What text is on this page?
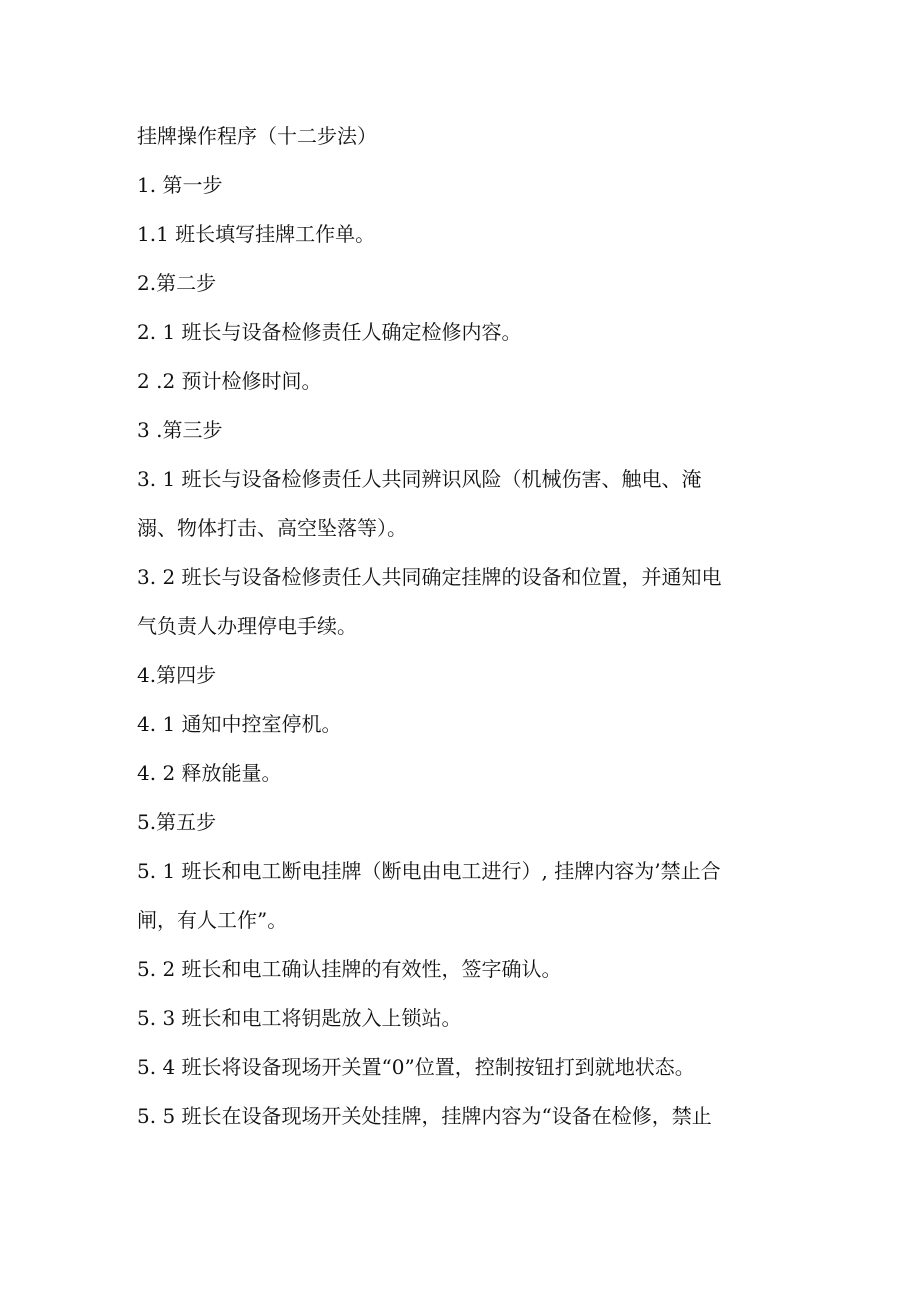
挂牌操作程序（十二步法）
1. 第一步
1.1 班长填写挂牌工作单。
2.第二步
2. 1 班长与设备检修责任人确定检修内容。
2 .2 预计检修时间。
3 .第三步
3. 1 班长与设备检修责任人共同辨识风险（机械伤害、触电、淹
溺、物体打击、高空坠落等）。
3. 2 班长与设备检修责任人共同确定挂牌的设备和位置，并通知电
气负责人办理停电手续。
4.第四步
4. 1 通知中控室停机。
4. 2 释放能量。
5.第五步
5. 1 班长和电工断电挂牌（断电由电工进行）, 挂牌内容为’禁止合
闸，有人工作”。
5. 2 班长和电工确认挂牌的有效性，签字确认。
5. 3 班长和电工将钥匙放入上锁站。
5. 4 班长将设备现场开关置“0”位置，控制按钮打到就地状态。
5. 5 班长在设备现场开关处挂牌，挂牌内容为“设备在检修，禁止
